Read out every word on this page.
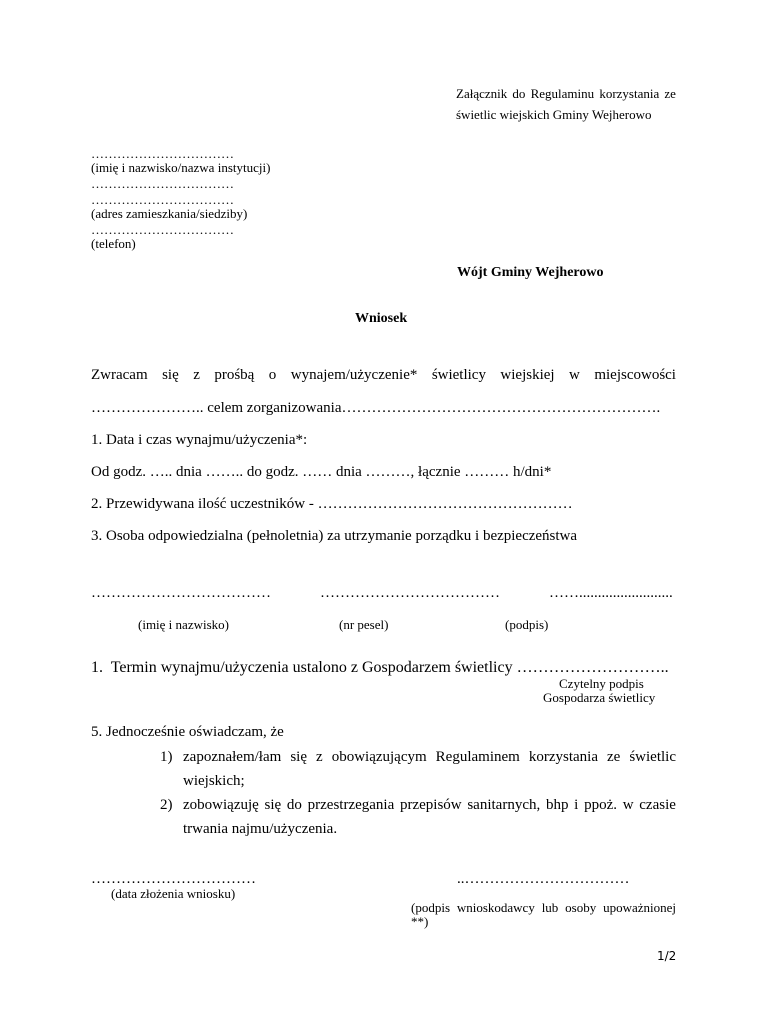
Załącznik do Regulaminu korzystania ze
świetlic wiejskich Gminy Wejherowo
……………………………
(imię i nazwisko/nazwa instytucji)
……………………………
……………………………
(adres zamieszkania/siedziby)
……………………………
(telefon)
Wójt Gminy Wejherowo
Wniosek
Zwracam się z prośbą o wynajem/użyczenie* świetlicy wiejskiej w miejscowości
………………….. celem zorganizowania……………………………………………………….
1. Data i czas wynajmu/użyczenia*:
Od godz. ….. dnia …….. do godz. …… dnia ………, łącznie ……… h/dni*
2. Przewidywana ilość uczestników - ……………………………………………
3. Osoba odpowiedzialna (pełnoletnia) za utrzymanie porządku i bezpieczeństwa
………………………………	………………………………	…….........................
(imię i nazwisko)	(nr pesel)	(podpis)
1. Termin wynajmu/użyczenia ustalono z Gospodarzem świetlicy ………………………..
Czytelny podpis
Gospodarza świetlicy
5. Jednocześnie oświadczam, że
1) zapoznałem/łam się z obowiązującym Regulaminem korzystania ze świetlic
wiejskich;
2) zobowiązuję się do przestrzegania przepisów sanitarnych, bhp i ppoż. w czasie
trwania najmu/użyczenia.
……………………………
(data złożenia wniosku)
..……………………………
(podpis wnioskodawcy lub osoby upoważnionej
**)
1/2
